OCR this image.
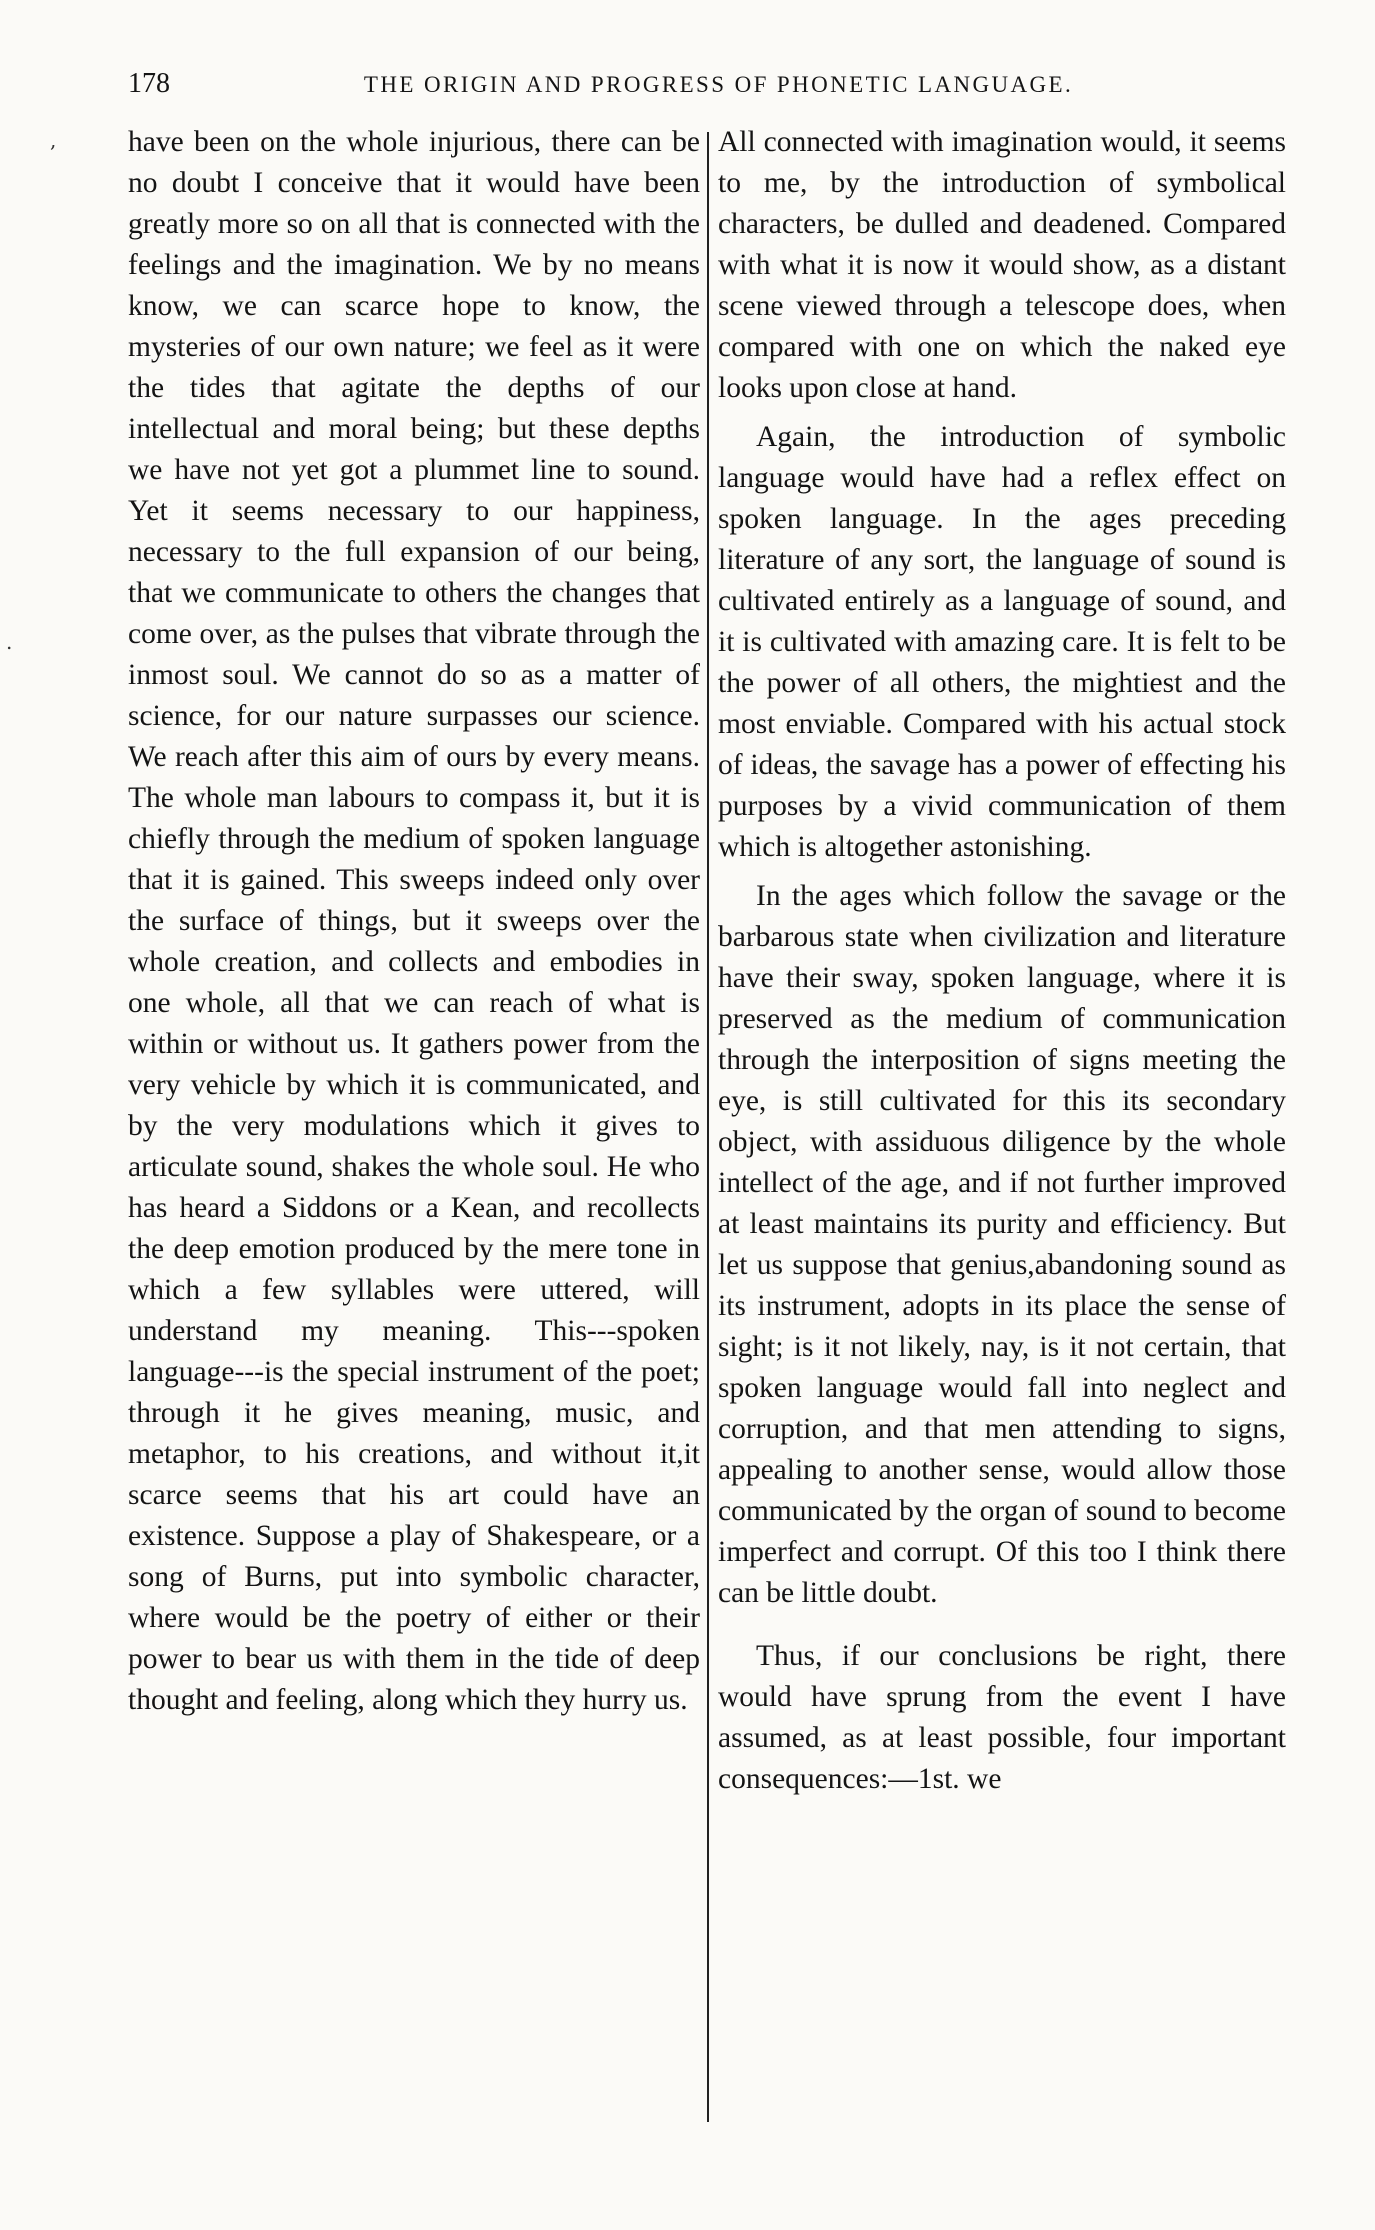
178	THE ORIGIN AND PROGRESS OF PHONETIC LANGUAGE.
,
.

have been on the whole injurious, there can be no doubt I conceive that it would have been greatly more so on all that is connected with the feelings and the imagination. We by no means know, we can scarce hope to know, the mysteries of our own nature; we feel as it were the tides that agitate the depths of our intellectual and moral being; but these depths we have not yet got a plummet line to sound. Yet it seems necessary to our happiness, necessary to the full expansion of our being, that we communicate to others the changes that come over, as the pulses that vibrate through the inmost soul. We cannot do so as a matter of science, for our nature surpasses our science. We reach after this aim of ours by every means. The whole man labours to compass it, but it is chiefly through the medium of spoken language that it is gained. This sweeps indeed only over the surface of things, but it sweeps over the whole creation, and collects and embodies in one whole, all that we can reach of what is within or without us. It gathers power from the very vehicle by which it is communicated, and by the very modulations which it gives to articulate sound, shakes the whole soul. He who has heard a Siddons or a Kean, and recollects the deep emotion produced by the mere tone in which a few syllables were uttered, will understand my meaning. This---spoken language---is the special instrument of the poet; through it he gives meaning, music, and metaphor, to his creations, and without it,it scarce seems that his art could have an existence. Suppose a play of Shakespeare, or a song of Burns, put into symbolic character, where would be the poetry of either or their power to bear us with them in the tide of deep thought and feeling, along which they hurry us.

All connected with imagination would, it seems to me, by the introduction of symbolical characters, be dulled and deadened. Compared with what it is now it would show, as a distant scene viewed through a telescope does, when compared with one on which the naked eye looks upon close at hand.

Again, the introduction of symbolic language would have had a reflex effect on spoken language. In the ages preceding literature of any sort, the language of sound is cultivated entirely as a language of sound, and it is cultivated with amazing care. It is felt to be the power of all others, the mightiest and the most enviable. Compared with his actual stock of ideas, the savage has a power of effecting his purposes by a vivid communication of them which is altogether astonishing.

In the ages which follow the savage or the barbarous state when civilization and literature have their sway, spoken language, where it is preserved as the medium of communication through the interposition of signs meeting the eye, is still cultivated for this its secondary object, with assiduous diligence by the whole intellect of the age, and if not further improved at least maintains its purity and efficiency. But let us suppose that genius,abandoning sound as its instrument, adopts in its place the sense of sight; is it not likely, nay, is it not certain, that spoken language would fall into neglect and corruption, and that men attending to signs, appealing to another sense, would allow those communicated by the organ of sound to become imperfect and corrupt. Of this too I think there can be little doubt.

Thus, if our conclusions be right, there would have sprung from the event I have assumed, as at least possible, four important consequences:—1st. we
